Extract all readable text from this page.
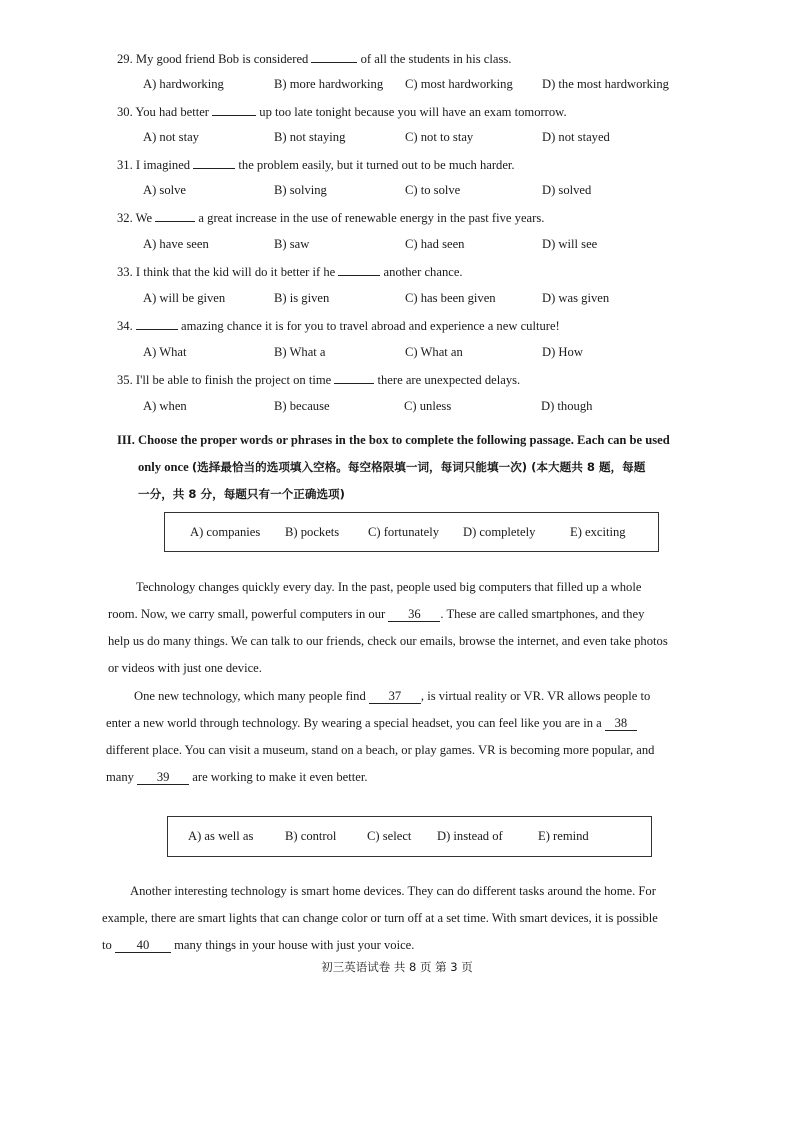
29. My good friend Bob is considered	of all the students in his class.
A) hardworking	B) more hardworking C) most hardworking D) the most hardworking
30. You had better	up too late tonight because you will have an exam tomorrow.
A) not stay	B) not staying	C) not to stay	D) not stayed
31. I imagined	the problem easily, but it turned out to be much harder.
A) solve	B) solving	C) to solve	D) solved
32. We	a great increase in the use of renewable energy in the past five years.
A) have seen	B) saw	C) had seen	D) will see
33. I think that the kid will do it better if he	another chance.
A) will be given	B) is given	C) has been given	D) was given
34.	amazing chance it is for you to travel abroad and experience a new culture!
A) What	B) What a	C) What an	D) How
35. I'll be able to finish the project on time	there are unexpected delays.
A) when	B) because	C) unless	D) though
III. Choose the proper words or phrases in the box to complete the following passage. Each can be used
only once (选择最恰当的选项填入空格。每空格限填一词，每词只能填一次) (本大题共 8 题，每题
一分，共 8 分，每题只有一个正确选项)
A) companies B) pockets C) fortunately D) completely	E) exciting
Technology changes quickly every day. In the past, people used big computers that filled up a whole
room. Now, we carry small, powerful computers in our 36 . These are called smartphones, and they
help us do many things. We can talk to our friends, check our emails, browse the internet, and even take photos
or videos with just one device.
One new technology, which many people find 37 , is virtual reality or VR. VR allows people to
enter a new world through technology. By wearing a special headset, you can feel like you are in a 38
different place. You can visit a museum, stand on a beach, or play games. VR is becoming more popular, and
many 39 are working to make it even better.
A) as well as	B) control C) select D) instead of	E) remind
Another interesting technology is smart home devices. They can do different tasks around the home. For
example, there are smart lights that can change color or turn off at a set time. With smart devices, it is possible
to 40 many things in your house with just your voice.
初三英语试卷 共 8 页 第 3 页
